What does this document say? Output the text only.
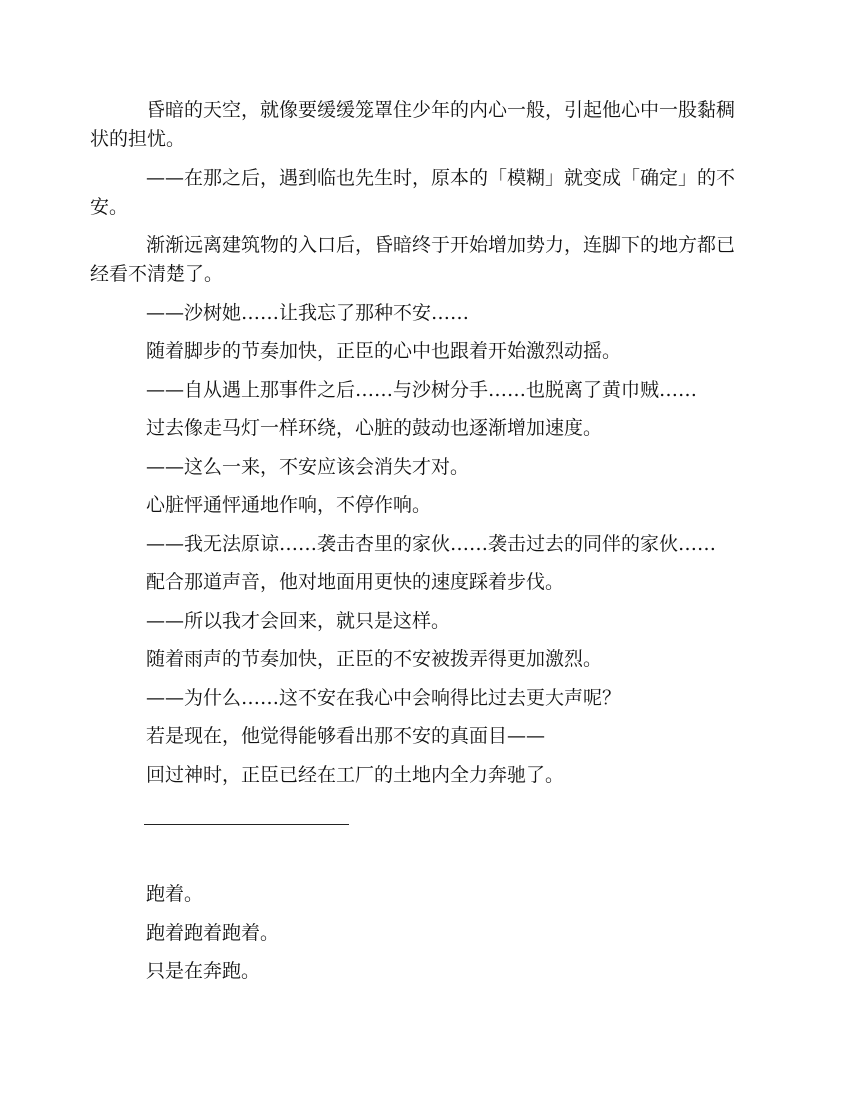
昏暗的天空，就像要缓缓笼罩住少年的内心一般，引起他心中一股黏稠状的担忧。

——在那之后，遇到临也先生时，原本的「模糊」就变成「确定」的不安。

渐渐远离建筑物的入口后，昏暗终于开始增加势力，连脚下的地方都已经看不清楚了。

——沙树她……让我忘了那种不安……

随着脚步的节奏加快，正臣的心中也跟着开始激烈动摇。

——自从遇上那事件之后……与沙树分手……也脱离了黄巾贼……

过去像走马灯一样环绕，心脏的鼓动也逐渐增加速度。

——这么一来，不安应该会消失才对。

心脏怦通怦通地作响，不停作响。

——我无法原谅……袭击杏里的家伙……袭击过去的同伴的家伙……

配合那道声音，他对地面用更快的速度踩着步伐。

——所以我才会回来，就只是这样。

随着雨声的节奏加快，正臣的不安被拨弄得更加激烈。

——为什么……这不安在我心中会响得比过去更大声呢？

若是现在，他觉得能够看出那不安的真面目——

回过神时，正臣已经在工厂的土地内全力奔驰了。

跑着。

跑着跑着跑着。

只是在奔跑。
